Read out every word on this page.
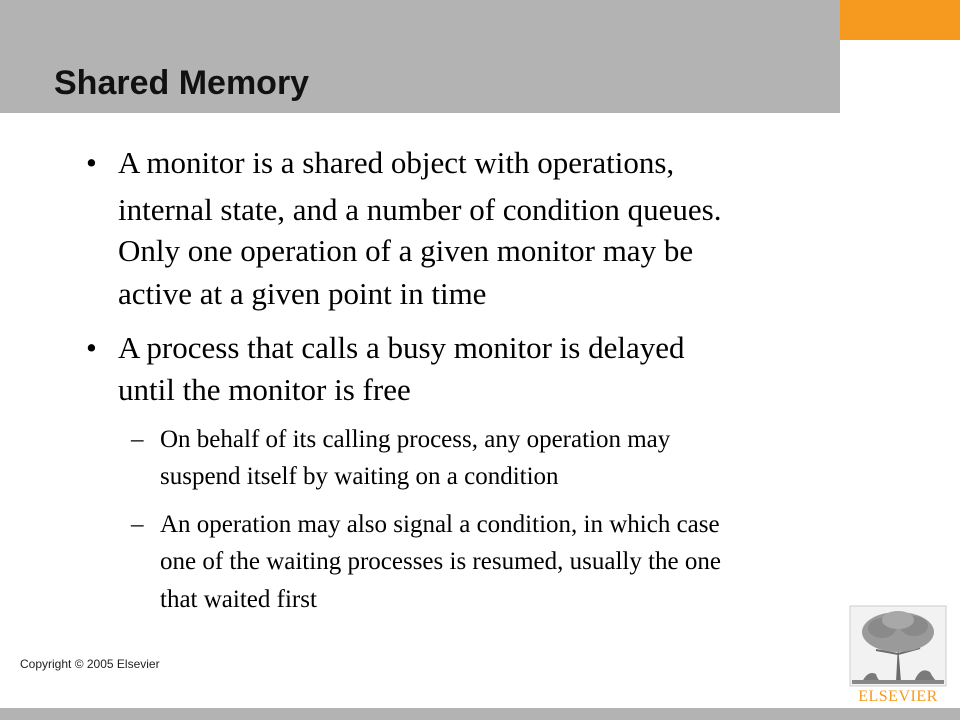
Shared Memory
• A monitor is a shared object with operations,
internal state, and a number of condition queues.
Only one operation of a given monitor may be
active at a given point in time
• A process that calls a busy monitor is delayed
until the monitor is free
– On behalf of its calling process, any operation may
suspend itself by waiting on a condition
– An operation may also signal a condition, in which case
one of the waiting processes is resumed, usually the one
that waited first
Copyright © 2005 Elsevier
ELSEVIER
